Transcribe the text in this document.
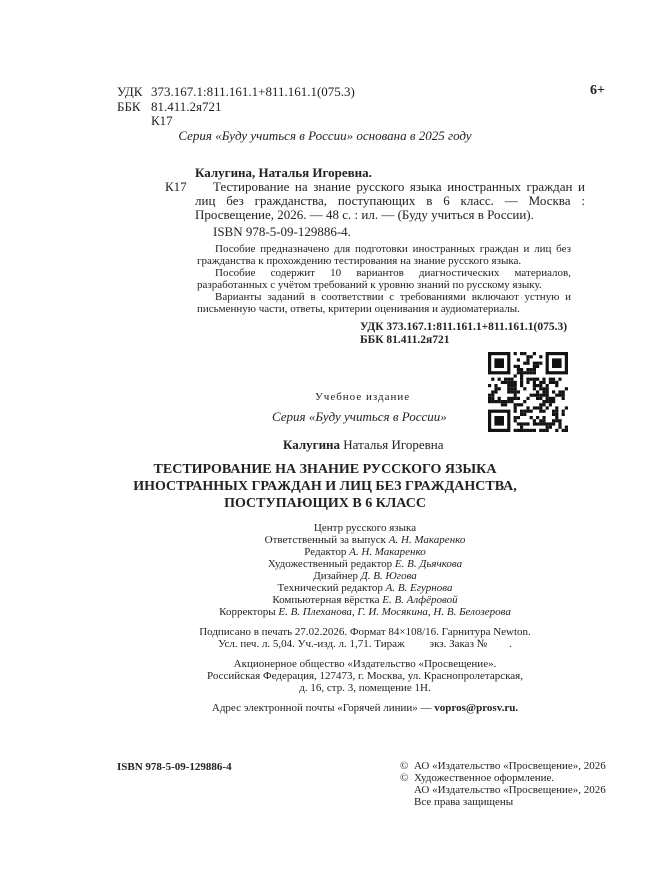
УДК 373.167.1:811.161.1+811.161.1(075.3)
ББК 81.411.2я721
К17
6+
Серия «Буду учиться в России» основана в 2025 году
Калугина, Наталья Игоревна.
К17	Тестирование на знание русского языка иностранных граждан и лиц без гражданства, поступающих в 6 класс. — Москва : Просвещение, 2026. — 48 с. : ил. — (Буду учиться в России).

ISBN 978-5-09-129886-4.

Пособие предназначено для подготовки иностранных граждан и лиц без гражданства к прохождению тестирования на знание русского языка.

Пособие содержит 10 вариантов диагностических материалов, разработанных с учётом требований к уровню знаний по русскому языку.

Варианты заданий в соответствии с требованиями включают устную и письменную части, ответы, критерии оценивания и аудиоматериалы.

УДК 373.167.1:811.161.1+811.161.1(075.3)
ББК 81.411.2я721
Учебное издание
Серия «Буду учиться в России»
Калугина Наталья Игоревна
ТЕСТИРОВАНИЕ НА ЗНАНИЕ РУССКОГО ЯЗЫКА
ИНОСТРАННЫХ ГРАЖДАН И ЛИЦ БЕЗ ГРАЖДАНСТВА,
ПОСТУПАЮЩИХ В 6 КЛАСС
Центр русского языка
Ответственный за выпуск А. Н. Макаренко
Редактор А. Н. Макаренко
Художественный редактор Е. В. Дьячкова
Дизайнер Д. В. Югова
Технический редактор А. В. Егурнова
Компьютерная вёрстка Е. В. Алфёровой
Корректоры Е. В. Плеханова, Г. И. Мосякина, Н. В. Белозерова
Подписано в печать 27.02.2026. Формат 84×108/16. Гарнитура Newton.
Усл. печ. л. 5,04. Уч.-изд. л. 1,71. Тираж         экз. Заказ №        .
Акционерное общество «Издательство «Просвещение».
Российская Федерация, 127473, г. Москва, ул. Краснопролетарская,
д. 16, стр. 3, помещение 1Н.
Адрес электронной почты «Горячей линии» — vopros@prosv.ru.
ISBN 978-5-09-129886-4	© АО «Издательство «Просвещение», 2026
© Художественное оформление.
АО «Издательство «Просвещение», 2026
Все права защищены
